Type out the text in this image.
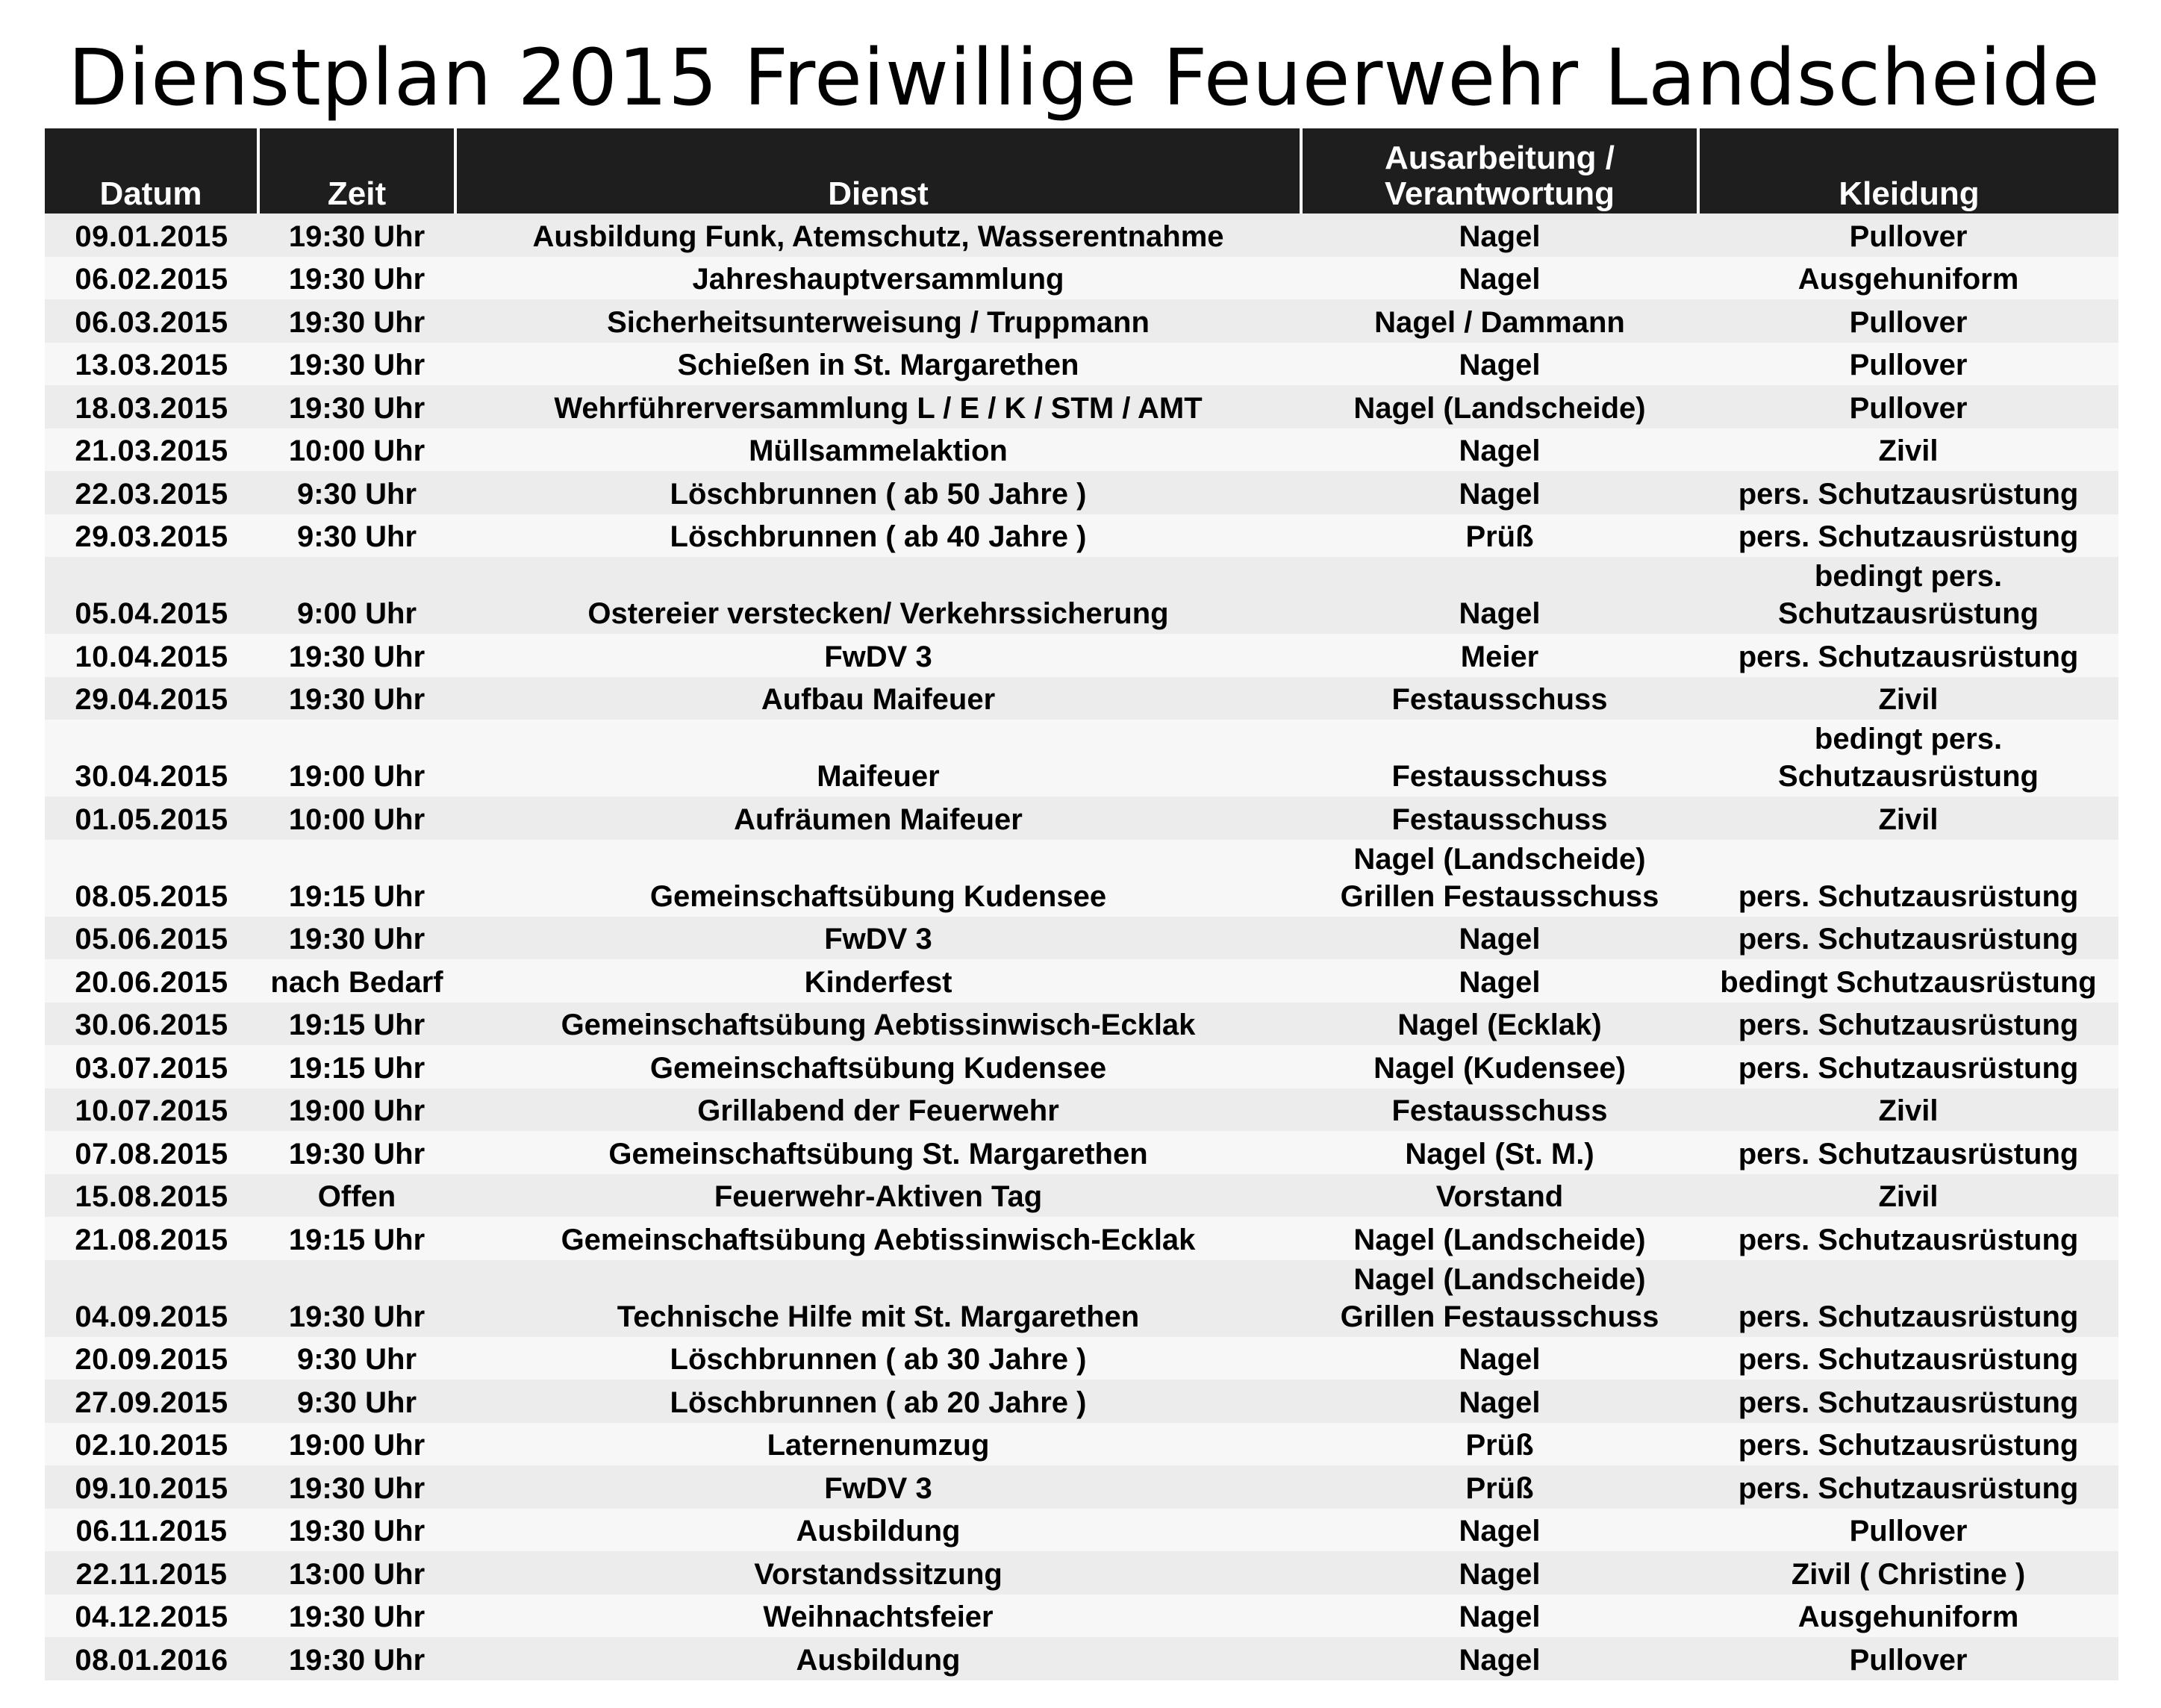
Dienstplan 2015 Freiwillige Feuerwehr Landscheide
Datum	Zeit	Dienst	Ausarbeitung /
Verantwortung	Kleidung
09.01.2015	19:30 Uhr	Ausbildung Funk, Atemschutz, Wasserentnahme	Nagel	Pullover

06.02.2015	19:30 Uhr	Jahreshauptversammlung	Nagel	Ausgehuniform

06.03.2015	19:30 Uhr	Sicherheitsunterweisung / Truppmann	Nagel / Dammann	Pullover

13.03.2015	19:30 Uhr	Schießen in St. Margarethen	Nagel	Pullover

18.03.2015	19:30 Uhr	Wehrführerversammlung L / E / K / STM / AMT	Nagel (Landscheide)	Pullover

21.03.2015	10:00 Uhr	Müllsammelaktion	Nagel	Zivil

22.03.2015	9:30 Uhr	Löschbrunnen ( ab 50 Jahre )	Nagel	pers. Schutzausrüstung

29.03.2015	9:30 Uhr	Löschbrunnen ( ab 40 Jahre )	Prüß	pers. Schutzausrüstung

05.04.2015	9:00 Uhr	Ostereier verstecken/ Verkehrssicherung	Nagel	bedingt pers.
Schutzausrüstung

10.04.2015	19:30 Uhr	FwDV 3	Meier	pers. Schutzausrüstung

29.04.2015	19:30 Uhr	Aufbau Maifeuer	Festausschuss	Zivil

30.04.2015	19:00 Uhr	Maifeuer	Festausschuss	bedingt pers.
Schutzausrüstung

01.05.2015	10:00 Uhr	Aufräumen Maifeuer	Festausschuss	Zivil

08.05.2015	19:15 Uhr	Gemeinschaftsübung Kudensee	Nagel (Landscheide)
Grillen Festausschuss	pers. Schutzausrüstung

05.06.2015	19:30 Uhr	FwDV 3	Nagel	pers. Schutzausrüstung

20.06.2015	nach Bedarf	Kinderfest	Nagel	bedingt Schutzausrüstung

30.06.2015	19:15 Uhr	Gemeinschaftsübung Aebtissinwisch-Ecklak	Nagel (Ecklak)	pers. Schutzausrüstung

03.07.2015	19:15 Uhr	Gemeinschaftsübung Kudensee	Nagel (Kudensee)	pers. Schutzausrüstung

10.07.2015	19:00 Uhr	Grillabend der Feuerwehr	Festausschuss	Zivil

07.08.2015	19:30 Uhr	Gemeinschaftsübung St. Margarethen	Nagel (St. M.)	pers. Schutzausrüstung

15.08.2015	Offen	Feuerwehr-Aktiven Tag	Vorstand	Zivil

21.08.2015	19:15 Uhr	Gemeinschaftsübung Aebtissinwisch-Ecklak	Nagel (Landscheide)	pers. Schutzausrüstung

04.09.2015	19:30 Uhr	Technische Hilfe mit St. Margarethen	Nagel (Landscheide)
Grillen Festausschuss	pers. Schutzausrüstung

20.09.2015	9:30 Uhr	Löschbrunnen ( ab 30 Jahre )	Nagel	pers. Schutzausrüstung

27.09.2015	9:30 Uhr	Löschbrunnen ( ab 20 Jahre )	Nagel	pers. Schutzausrüstung

02.10.2015	19:00 Uhr	Laternenumzug	Prüß	pers. Schutzausrüstung

09.10.2015	19:30 Uhr	FwDV 3	Prüß	pers. Schutzausrüstung

06.11.2015	19:30 Uhr	Ausbildung	Nagel	Pullover

22.11.2015	13:00 Uhr	Vorstandssitzung	Nagel	Zivil ( Christine )

04.12.2015	19:30 Uhr	Weihnachtsfeier	Nagel	Ausgehuniform

08.01.2016	19:30 Uhr	Ausbildung	Nagel	Pullover
